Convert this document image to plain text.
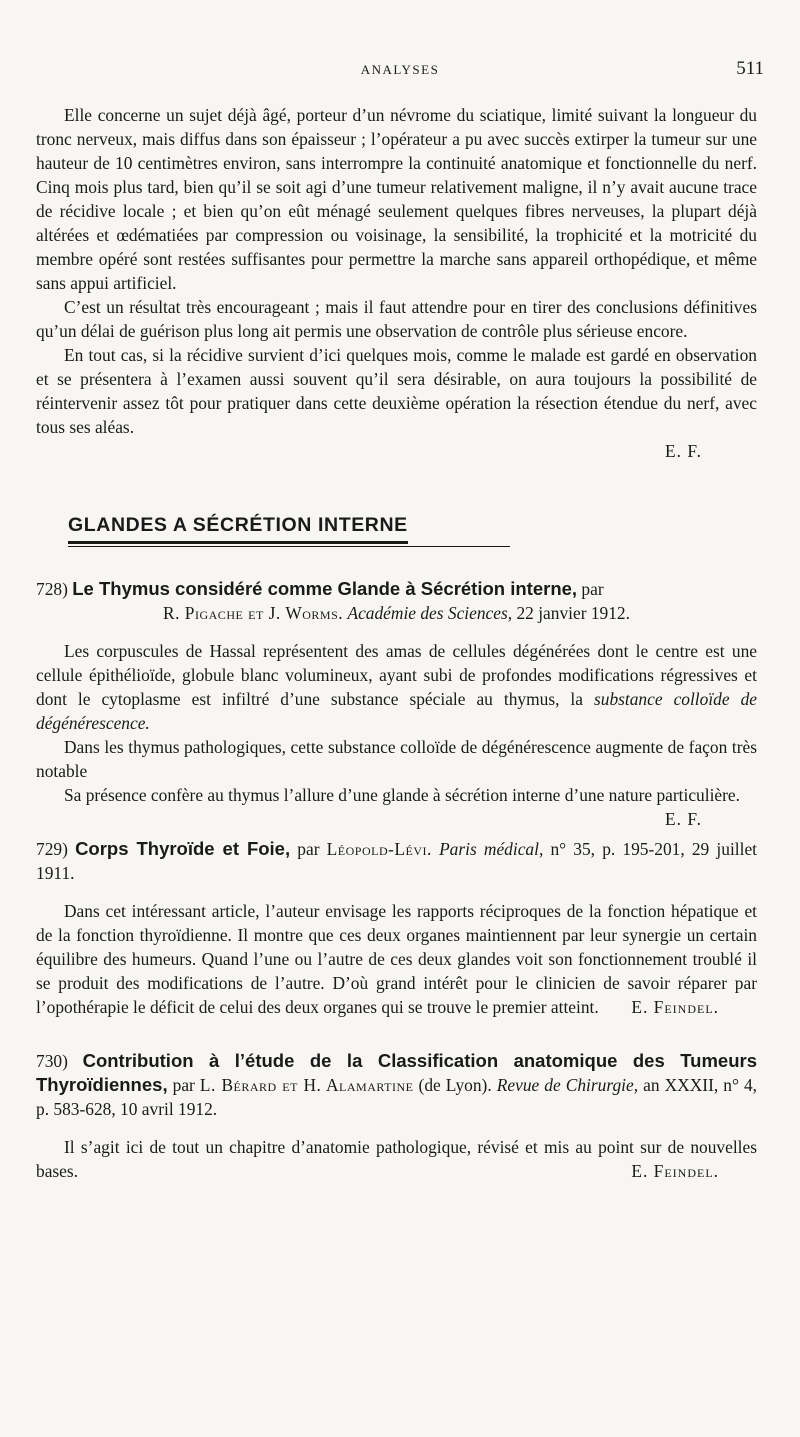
ANALYSES	511

Elle concerne un sujet déjà âgé, porteur d’un névrome du sciatique, limité suivant la longueur du tronc nerveux, mais diffus dans son épaisseur ; l’opérateur a pu avec succès extirper la tumeur sur une hauteur de 10 centimètres environ, sans interrompre la continuité anatomique et fonctionnelle du nerf. Cinq mois plus tard, bien qu’il se soit agi d’une tumeur relativement maligne, il n’y avait aucune trace de récidive locale ; et bien qu’on eût ménagé seulement quelques fibres nerveuses, la plupart déjà altérées et œdématiées par compression ou voisinage, la sensibilité, la trophicité et la motricité du membre opéré sont restées suffisantes pour permettre la marche sans appareil orthopédique, et même sans appui artificiel.

C’est un résultat très encourageant ; mais il faut attendre pour en tirer des conclusions définitives qu’un délai de guérison plus long ait permis une observation de contrôle plus sérieuse encore.

En tout cas, si la récidive survient d’ici quelques mois, comme le malade est gardé en observation et se présentera à l’examen aussi souvent qu’il sera désirable, on aura toujours la possibilité de réintervenir assez tôt pour pratiquer dans cette deuxième opération la résection étendue du nerf, avec tous ses aléas.

E. F.
GLANDES A SÉCRÉTION INTERNE
728) Le Thymus considéré comme Glande à Sécrétion interne, par
R. Pigache et J. Worms. Académie des Sciences, 22 janvier 1912.

Les corpuscules de Hassal représentent des amas de cellules dégénérées dont le centre est une cellule épithélioïde, globule blanc volumineux, ayant subi de profondes modifications régressives et dont le cytoplasme est infiltré d’une substance spéciale au thymus, la substance colloïde de dégénérescence.

Dans les thymus pathologiques, cette substance colloïde de dégénérescence augmente de façon très notable

Sa présence confère au thymus l’allure d’une glande à sécrétion interne d’une nature particulière.
E. F.

729) Corps Thyroïde et Foie, par Léopold-Lévi. Paris médical, n° 35, p. 195-201, 29 juillet 1911.

Dans cet intéressant article, l’auteur envisage les rapports réciproques de la fonction hépatique et de la fonction thyroïdienne. Il montre que ces deux organes maintiennent par leur synergie un certain équilibre des humeurs. Quand l’une ou l’autre de ces deux glandes voit son fonctionnement troublé il se produit des modifications de l’autre. D’où grand intérêt pour le clinicien de savoir réparer par l’opothérapie le déficit de celui des deux organes qui se trouve le premier atteint.	E. Feindel.

730) Contribution à l’étude de la Classification anatomique des Tumeurs Thyroïdiennes, par L. Bérard et H. Alamartine (de Lyon). Revue de Chirurgie, an XXXII, n° 4, p. 583-628, 10 avril 1912.

Il s’agit ici de tout un chapitre d’anatomie pathologique, révisé et mis au point sur de nouvelles bases.	E. Feindel.
